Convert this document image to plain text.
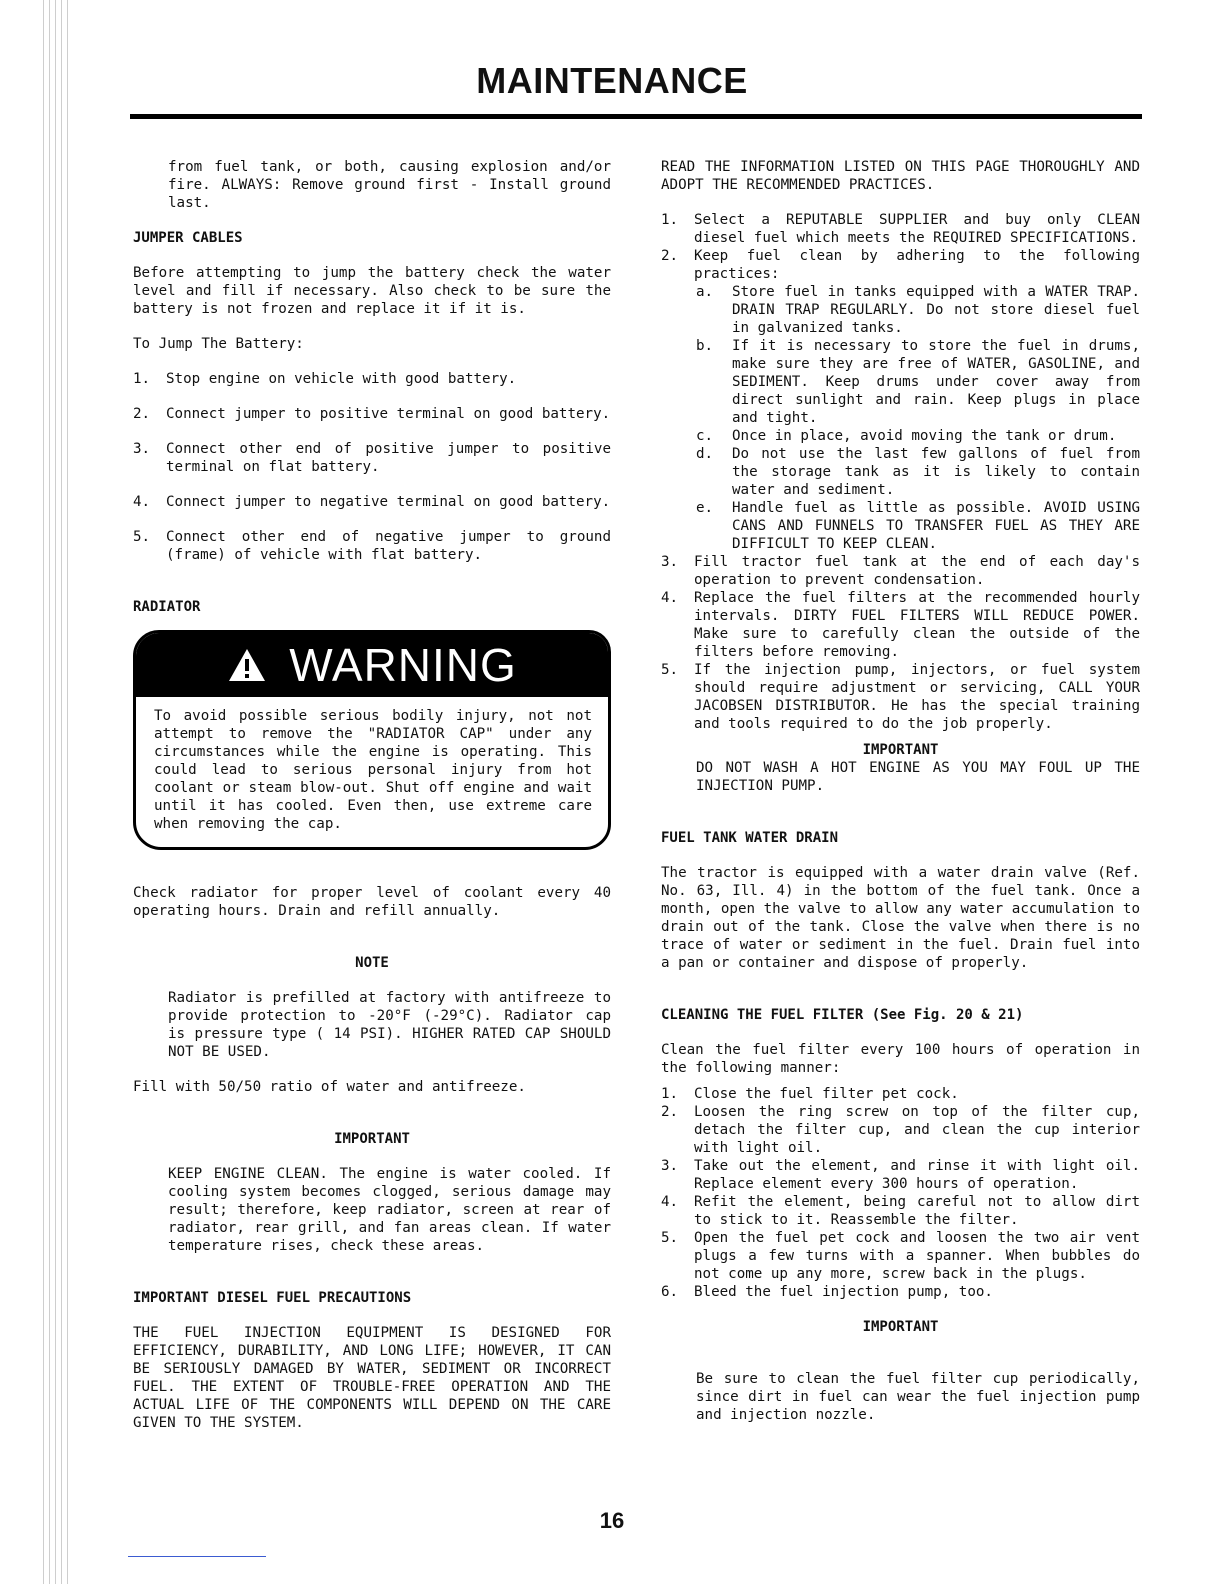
MAINTENANCE

from fuel tank, or both, causing explosion and/or fire. ALWAYS: Remove ground first - Install ground last.

JUMPER CABLES

Before attempting to jump the battery check the water level and fill if necessary. Also check to be sure the battery is not frozen and replace it if it is.

To Jump The Battery:

1.	Stop engine on vehicle with good battery.
2.	Connect jumper to positive terminal on good battery.
3.	Connect other end of positive jumper to positive terminal on flat battery.
4.	Connect jumper to negative terminal on good battery.
5.	Connect other end of negative jumper to ground (frame) of vehicle with flat battery.

RADIATOR

WARNING
To avoid possible serious bodily injury, not not attempt to remove the "RADIATOR CAP" under any circumstances while the engine is operating. This could lead to serious personal injury from hot coolant or steam blow-out. Shut off engine and wait until it has cooled. Even then, use extreme care when removing the cap.

Check radiator for proper level of coolant every 40 operating hours. Drain and refill annually.

NOTE

Radiator is prefilled at factory with antifreeze to provide protection to -20°F (-29°C). Radiator cap is pressure type ( 14 PSI). HIGHER RATED CAP SHOULD NOT BE USED.

Fill with 50/50 ratio of water and antifreeze.

IMPORTANT

KEEP ENGINE CLEAN. The engine is water cooled. If cooling system becomes clogged, serious damage may result; therefore, keep radiator, screen at rear of radiator, rear grill, and fan areas clean. If water temperature rises, check these areas.

IMPORTANT DIESEL FUEL PRECAUTIONS

THE FUEL INJECTION EQUIPMENT IS DESIGNED FOR EFFICIENCY, DURABILITY, AND LONG LIFE; HOWEVER, IT CAN BE SERIOUSLY DAMAGED BY WATER, SEDIMENT OR INCORRECT FUEL. THE EXTENT OF TROUBLE-FREE OPERATION AND THE ACTUAL LIFE OF THE COMPONENTS WILL DEPEND ON THE CARE GIVEN TO THE SYSTEM.

READ THE INFORMATION LISTED ON THIS PAGE THOROUGHLY AND ADOPT THE RECOMMENDED PRACTICES.

1.	Select a REPUTABLE SUPPLIER and buy only CLEAN diesel fuel which meets the REQUIRED SPECIFICATIONS.
2.	Keep fuel clean by adhering to the following practices:
a.	Store fuel in tanks equipped with a WATER TRAP. DRAIN TRAP REGULARLY. Do not store diesel fuel in galvanized tanks.
b.	If it is necessary to store the fuel in drums, make sure they are free of WATER, GASOLINE, and SEDIMENT. Keep drums under cover away from direct sunlight and rain. Keep plugs in place and tight.
c.	Once in place, avoid moving the tank or drum.
d.	Do not use the last few gallons of fuel from the storage tank as it is likely to contain water and sediment.
e.	Handle fuel as little as possible. AVOID USING CANS AND FUNNELS TO TRANSFER FUEL AS THEY ARE DIFFICULT TO KEEP CLEAN.
3.	Fill tractor fuel tank at the end of each day's operation to prevent condensation.
4.	Replace the fuel filters at the recommended hourly intervals. DIRTY FUEL FILTERS WILL REDUCE POWER. Make sure to carefully clean the outside of the filters before removing.
5.	If the injection pump, injectors, or fuel system should require adjustment or servicing, CALL YOUR JACOBSEN DISTRIBUTOR. He has the special training and tools required to do the job properly.

IMPORTANT

DO NOT WASH A HOT ENGINE AS YOU MAY FOUL UP THE INJECTION PUMP.

FUEL TANK WATER DRAIN

The tractor is equipped with a water drain valve (Ref. No. 63, Ill. 4) in the bottom of the fuel tank. Once a month, open the valve to allow any water accumulation to drain out of the tank. Close the valve when there is no trace of water or sediment in the fuel. Drain fuel into a pan or container and dispose of properly.

CLEANING THE FUEL FILTER (See Fig. 20 & 21)

Clean the fuel filter every 100 hours of operation in the following manner:

1.	Close the fuel filter pet cock.
2.	Loosen the ring screw on top of the filter cup, detach the filter cup, and clean the cup interior with light oil.
3.	Take out the element, and rinse it with light oil. Replace element every 300 hours of operation.
4.	Refit the element, being careful not to allow dirt to stick to it. Reassemble the filter.
5.	Open the fuel pet cock and loosen the two air vent plugs a few turns with a spanner. When bubbles do not come up any more, screw back in the plugs.
6.	Bleed the fuel injection pump, too.

IMPORTANT

Be sure to clean the fuel filter cup periodically, since dirt in fuel can wear the fuel injection pump and injection nozzle.

16
